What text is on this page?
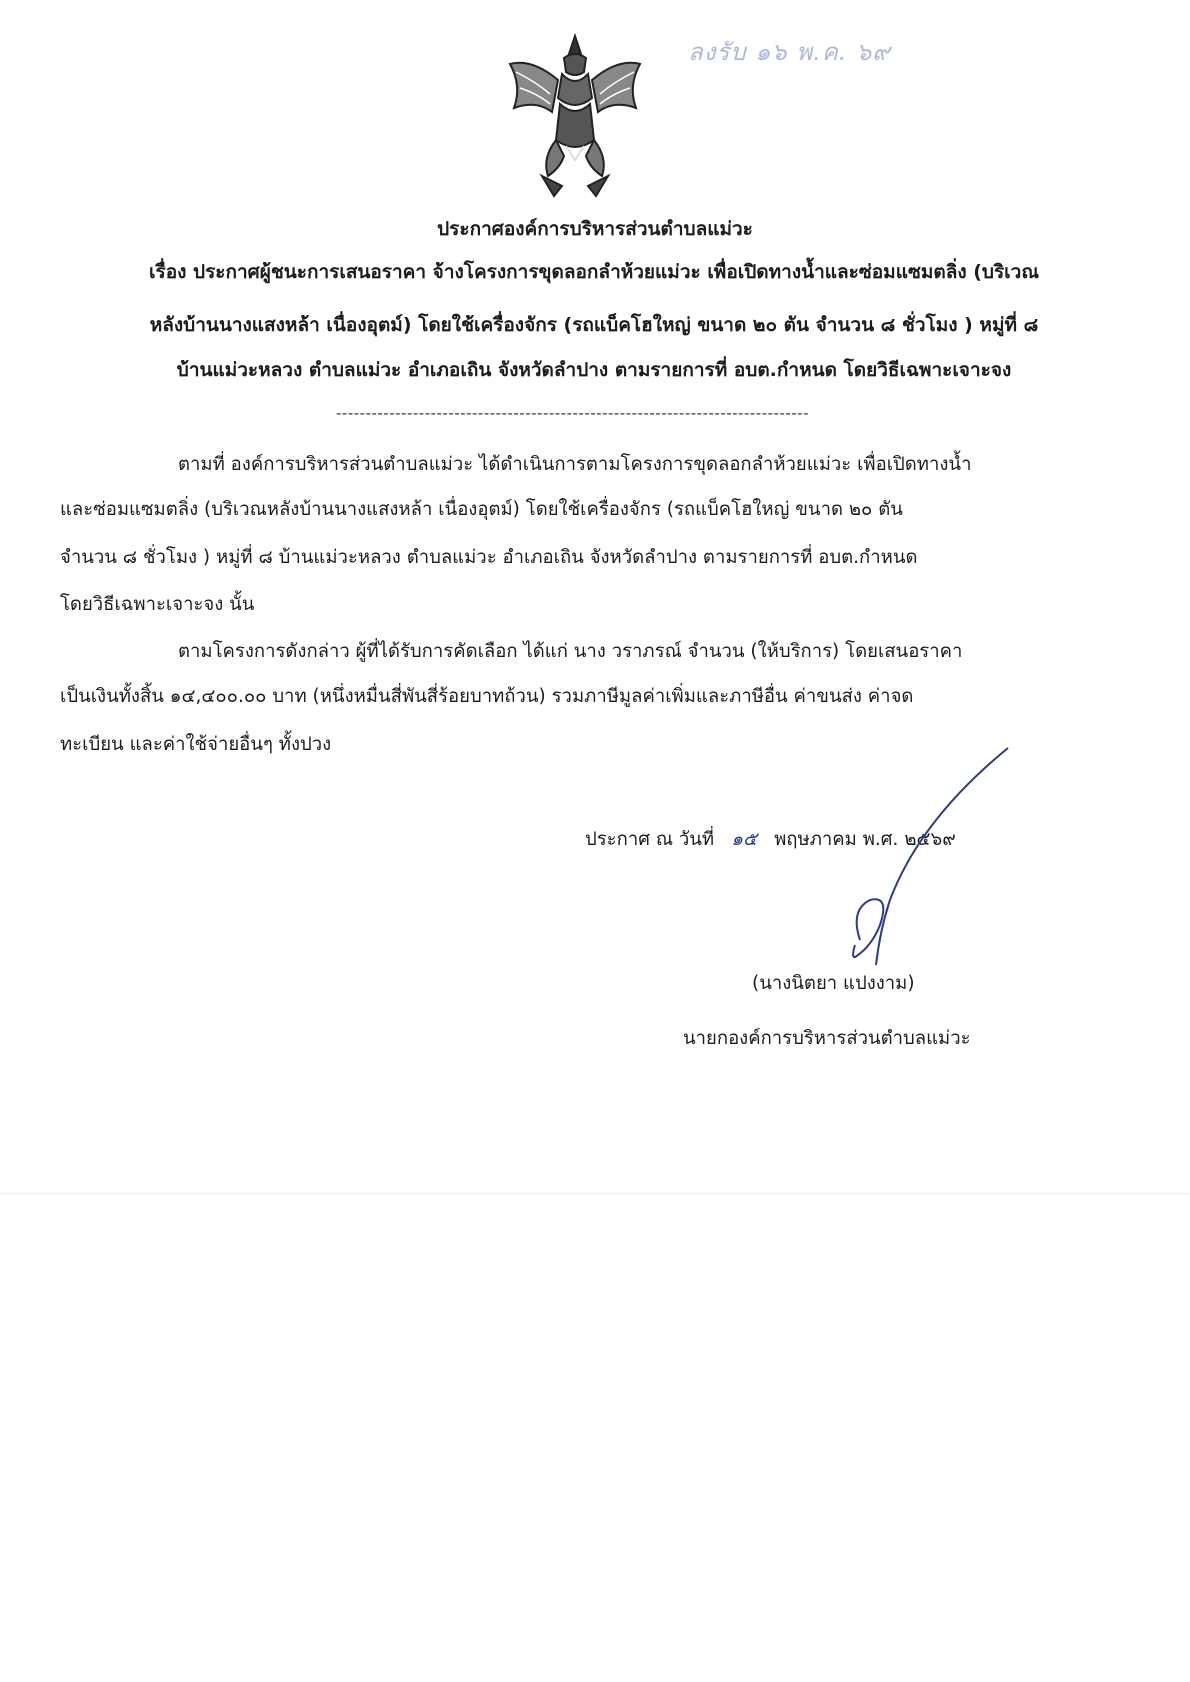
ลงรับ ๑๖ พ.ค. ๖๙
ประกาศองค์การบริหารส่วนตำบลแม่วะ
เรื่อง ประกาศผู้ชนะการเสนอราคา จ้างโครงการขุดลอกลำห้วยแม่วะ เพื่อเปิดทางน้ำและซ่อมแซมตลิ่ง (บริเวณ
หลังบ้านนางแสงหล้า เนื่องอุตม์) โดยใช้เครื่องจักร (รถแบ็คโฮใหญ่ ขนาด ๒๐ ตัน จำนวน ๘ ชั่วโมง ) หมู่ที่ ๘
บ้านแม่วะหลวง ตำบลแม่วะ อำเภอเถิน จังหวัดลำปาง ตามรายการที่ อบต.กำหนด โดยวิธีเฉพาะเจาะจง
--------------------------------------------------------------------------------
ตามที่ องค์การบริหารส่วนตำบลแม่วะ ได้ดำเนินการตามโครงการขุดลอกลำห้วยแม่วะ เพื่อเปิดทางน้ำ
และซ่อมแซมตลิ่ง (บริเวณหลังบ้านนางแสงหล้า เนื่องอุตม์) โดยใช้เครื่องจักร (รถแบ็คโฮใหญ่ ขนาด ๒๐ ตัน
จำนวน ๘ ชั่วโมง ) หมู่ที่ ๘ บ้านแม่วะหลวง ตำบลแม่วะ อำเภอเถิน จังหวัดลำปาง ตามรายการที่ อบต.กำหนด
โดยวิธีเฉพาะเจาะจง นั้น
ตามโครงการดังกล่าว ผู้ที่ได้รับการคัดเลือก ได้แก่ นาง วราภรณ์ จำนวน (ให้บริการ) โดยเสนอราคา
เป็นเงินทั้งสิ้น ๑๔,๔๐๐.๐๐ บาท (หนึ่งหมื่นสี่พันสี่ร้อยบาทถ้วน) รวมภาษีมูลค่าเพิ่มและภาษีอื่น ค่าขนส่ง ค่าจด
ทะเบียน และค่าใช้จ่ายอื่นๆ ทั้งปวง
ประกาศ ณ วันที่ ๑๕ พฤษภาคม พ.ศ. ๒๕๖๙
(นางนิตยา แปงงาม)
นายกองค์การบริหารส่วนตำบลแม่วะ
